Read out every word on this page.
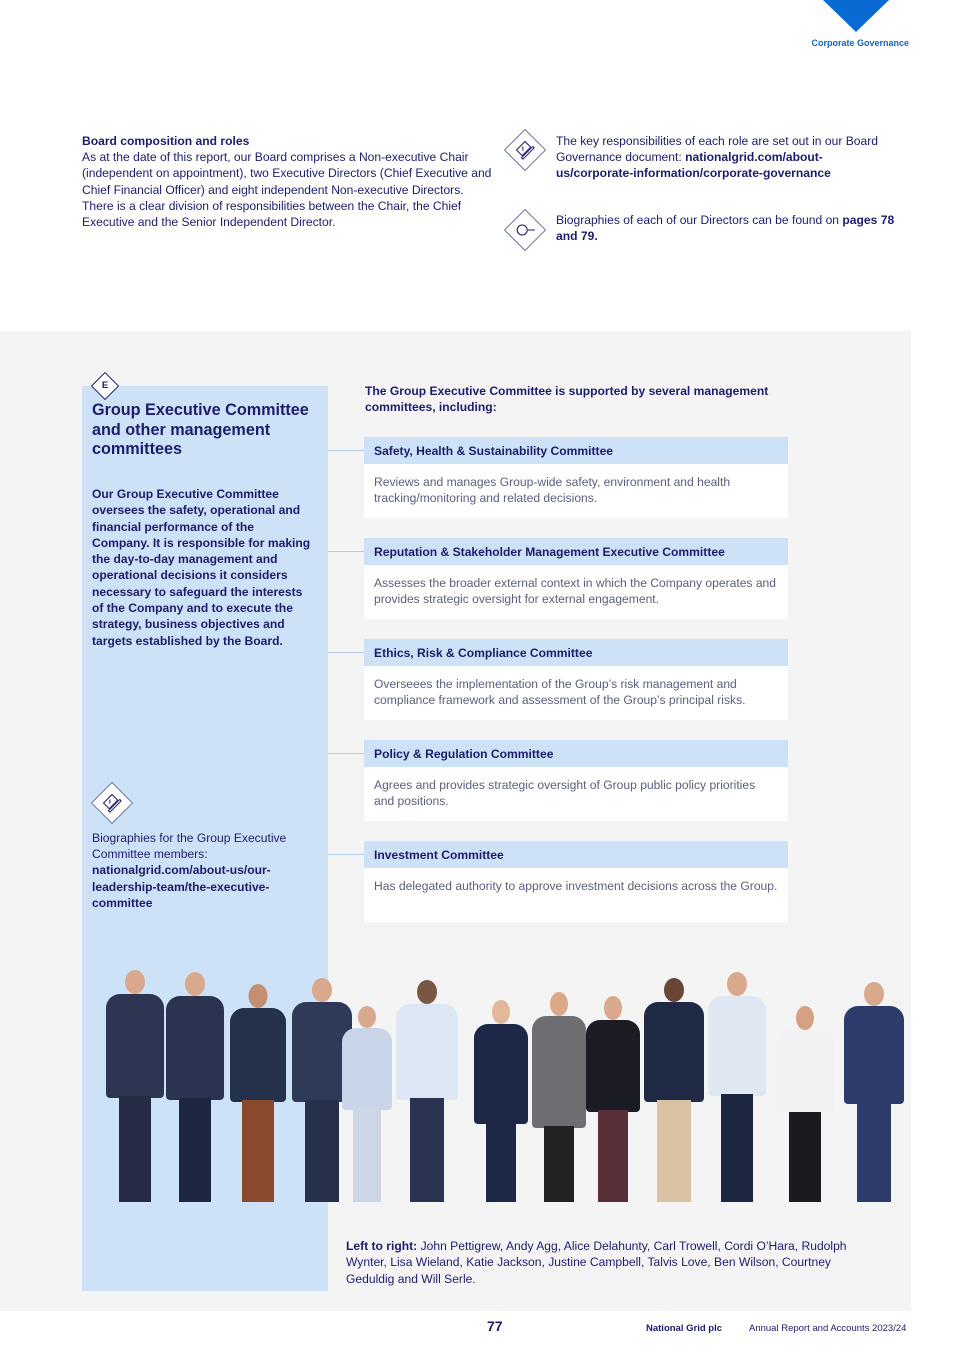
Corporate Governance
Board composition and roles

As at the date of this report, our Board comprises a Non-executive Chair (independent on appointment), two Executive Directors (Chief Executive and Chief Financial Officer) and eight independent Non-executive Directors. There is a clear division of responsibilities between the Chair, the Chief Executive and the Senior Independent Director.

The key responsibilities of each role are set out in our Board Governance document: nationalgrid.com/about-us/corporate-information/corporate-governance
Biographies of each of our Directors can be found on pages 78 and 79.
E
Group Executive Committee and other management committees
Our Group Executive Committee oversees the safety, operational and financial performance of the Company. It is responsible for making the day-to-day management and operational decisions it considers necessary to safeguard the interests of the Company and to execute the strategy, business objectives and targets established by the Board.
Biographies for the Group Executive Committee members:
nationalgrid.com/about-us/our-leadership-team/the-executive-committee
The Group Executive Committee is supported by several management committees, including:
Safety, Health & Sustainability Committee
Reviews and manages Group-wide safety, environment and health tracking/monitoring and related decisions.
Reputation & Stakeholder Management Executive Committee
Assesses the broader external context in which the Company operates and provides strategic oversight for external engagement.
Ethics, Risk & Compliance Committee
Overseees the implementation of the Group’s risk management and compliance framework and assessment of the Group’s principal risks.
Policy & Regulation Committee
Agrees and provides strategic oversight of Group public policy priorities and positions.
Investment Committee
Has delegated authority to approve investment decisions across the Group.
Left to right: John Pettigrew, Andy Agg, Alice Delahunty, Carl Trowell, Cordi O’Hara, Rudolph Wynter, Lisa Wieland, Katie Jackson, Justine Campbell, Talvis Love, Ben Wilson, Courtney Geduldig and Will Serle.
77	National Grid plc	Annual Report and Accounts 2023/24
